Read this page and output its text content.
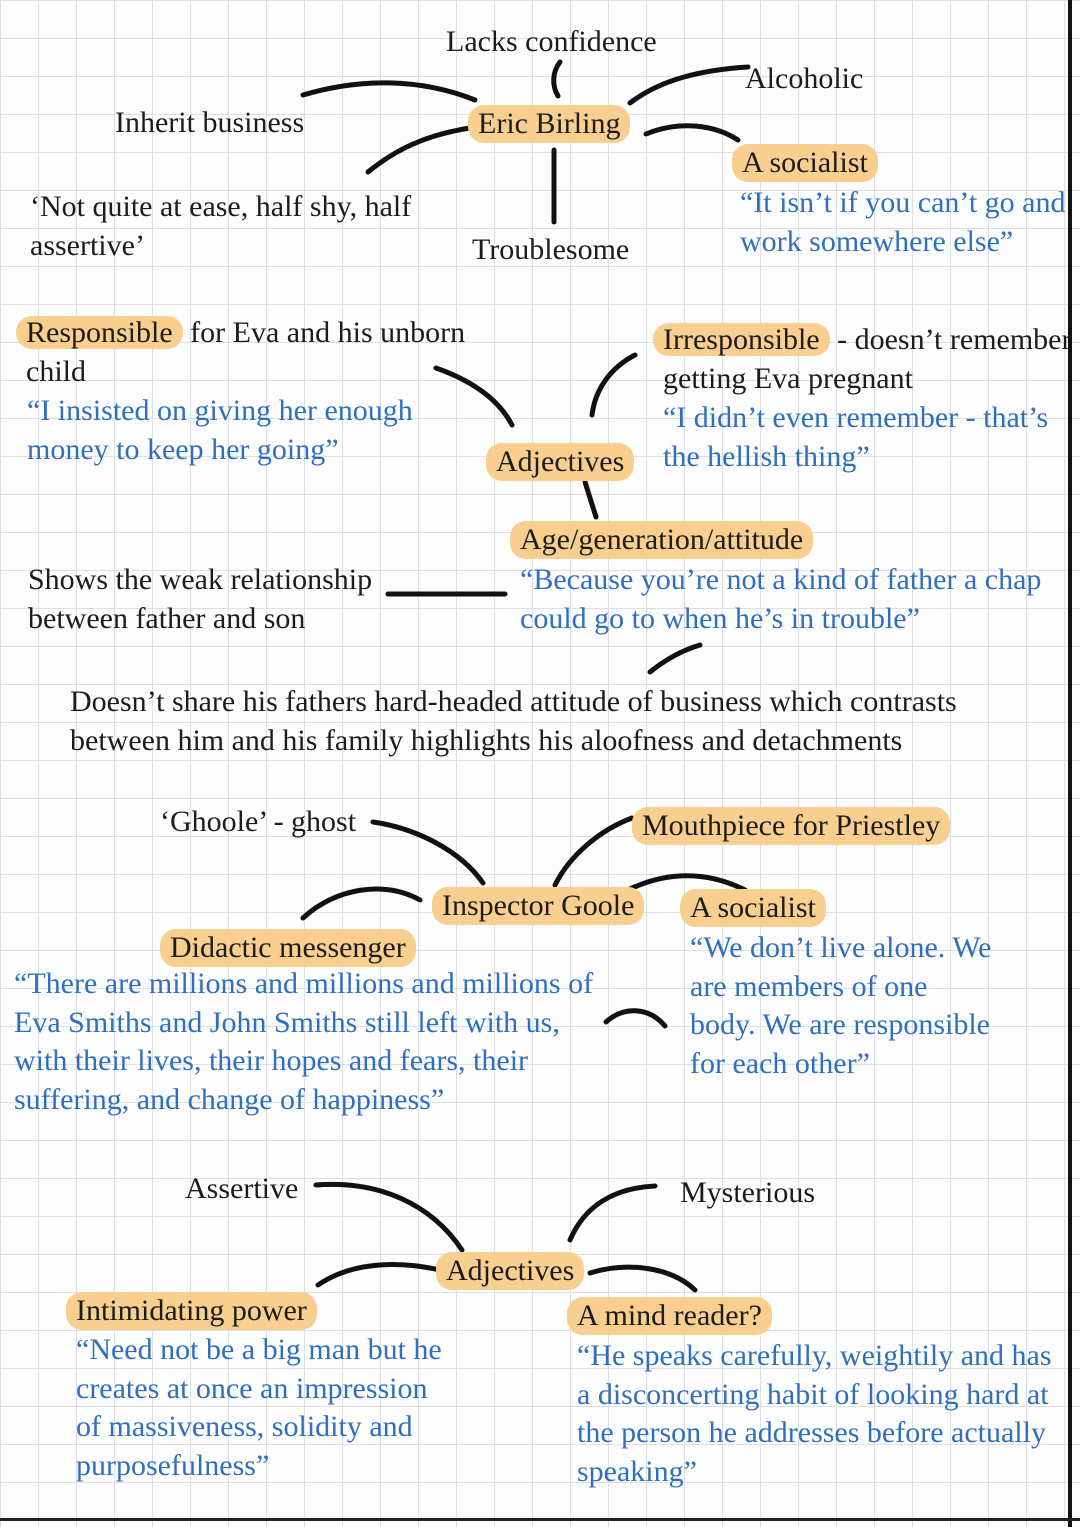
Lacks confidence
Alcoholic
Inherit business	Eric Birling
A socialist
“It isn’t if you can’t go and
work somewhere else”
‘Not quite at ease, half shy, half
assertive’	Troublesome
Responsible for Eva and his unborn
child
“I insisted on giving her enough
money to keep her going”
Irresponsible - doesn’t remember
getting Eva pregnant
“I didn’t even remember - that’s
the hellish thing”
Adjectives
Age/generation/attitude
“Because you’re not a kind of father a chap
could go to when he’s in trouble”
Shows the weak relationship
between father and son
Doesn’t share his fathers hard-headed attitude of business which contrasts
between him and his family highlights his aloofness and detachments
‘Ghoole’ - ghost	Mouthpiece for Priestley
Inspector Goole	A socialist
“We don’t live alone. We
are members of one
body. We are responsible
for each other”
Didactic messenger
“There are millions and millions and millions of
Eva Smiths and John Smiths still left with us,
with their lives, their hopes and fears, their
suffering, and change of happiness”
Assertive	Mysterious
Adjectives
Intimidating power
“Need not be a big man but he
creates at once an impression
of massiveness, solidity and
purposefulness”
A mind reader?
“He speaks carefully, weightily and has
a disconcerting habit of looking hard at
the person he addresses before actually
speaking”
